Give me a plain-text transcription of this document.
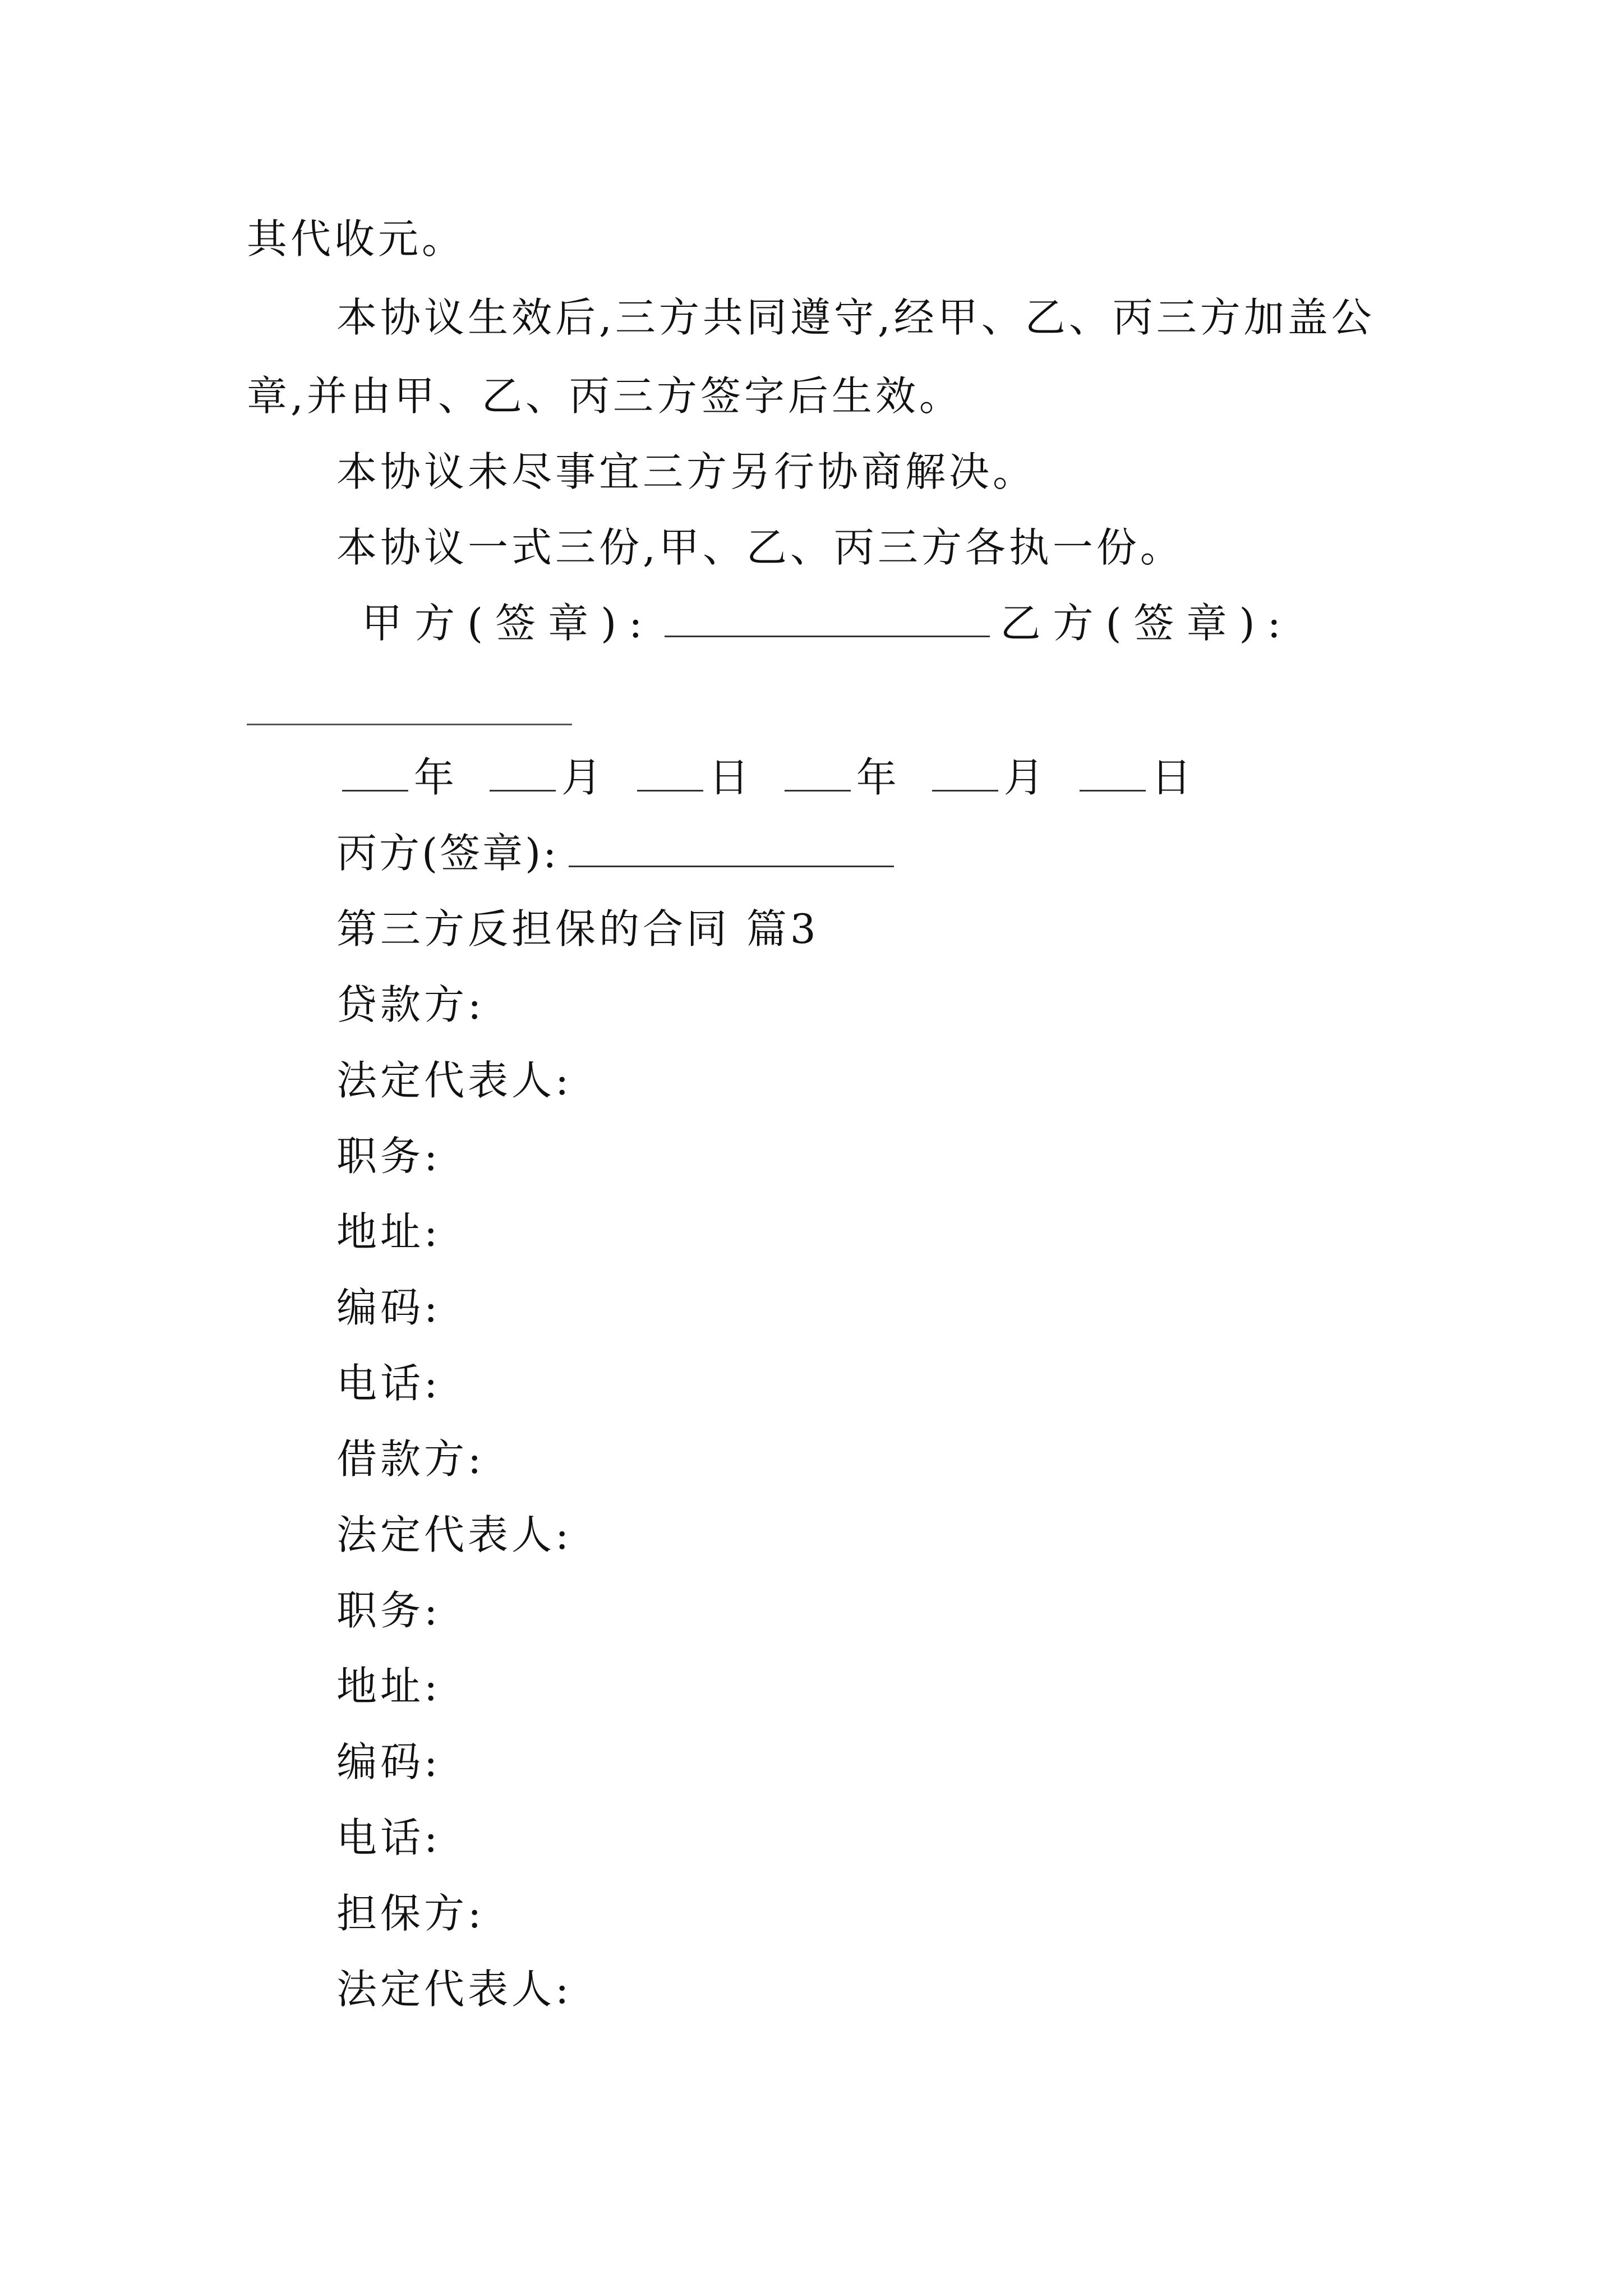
其代收元。
本协议生效后,三方共同遵守,经甲、乙、丙三方加盖公
章,并由甲、乙、丙三方签字后生效。
本协议未尽事宜三方另行协商解决。
本协议一式三份,甲、乙、丙三方各执一份。
甲方(签章):	乙方(签章):
年	月	日	年	月	日
丙方(签章):
第三方反担保的合同 篇3
贷款方:
法定代表人:
职务:
地址:
编码:
电话:
借款方:
法定代表人:
职务:
地址:
编码:
电话:
担保方:
法定代表人:
